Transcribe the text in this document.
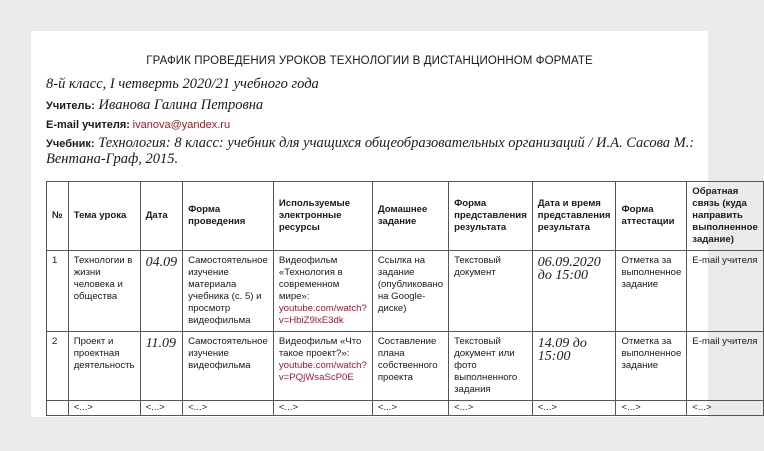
ГРАФИК ПРОВЕДЕНИЯ УРОКОВ ТЕХНОЛОГИИ В ДИСТАНЦИОННОМ ФОРМАТЕ
8-й класс, I четверть 2020/21 учебного года
Учитель: Иванова Галина Петровна
E-mail учителя: ivanova@yandex.ru
Учебник: Технология: 8 класс: учебник для учащихся общеобразовательных организаций / И.А. Сасова М.: Вентана-Граф, 2015.
№	Тема урока	Дата	Форма проведения	Используемые электронные ресурсы	Домашнее задание	Форма представления результата	Дата и время представления результата	Форма аттестации	Обратная связь (куда направить выполненное задание)
1	Технологии в жизни человека и общества	04.09	Самостоятельное изучение материала учебника (с. 5) и просмотр видеофильма	Видеофильм «Технология в современном мире»: youtube.com/watch?v=HbiZ9lxE3dk	Ссылка на задание (опубликовано на Google-диске)	Текстовый документ	06.09.2020 до 15:00	Отметка за выполненное задание	E-mail учителя
2	Проект и проектная деятельность	11.09	Самостоятельное изучение видеофильма	Видеофильм «Что такое проект?»: youtube.com/watch?v=PQjWsaScP0E	Составление плана собственного проекта	Текстовый документ или фото выполненного задания	14.09 до 15:00	Отметка за выполненное задание	E-mail учителя
	<...>	<...>	<...>	<...>	<...>	<...>	<...>	<...>	<...>
